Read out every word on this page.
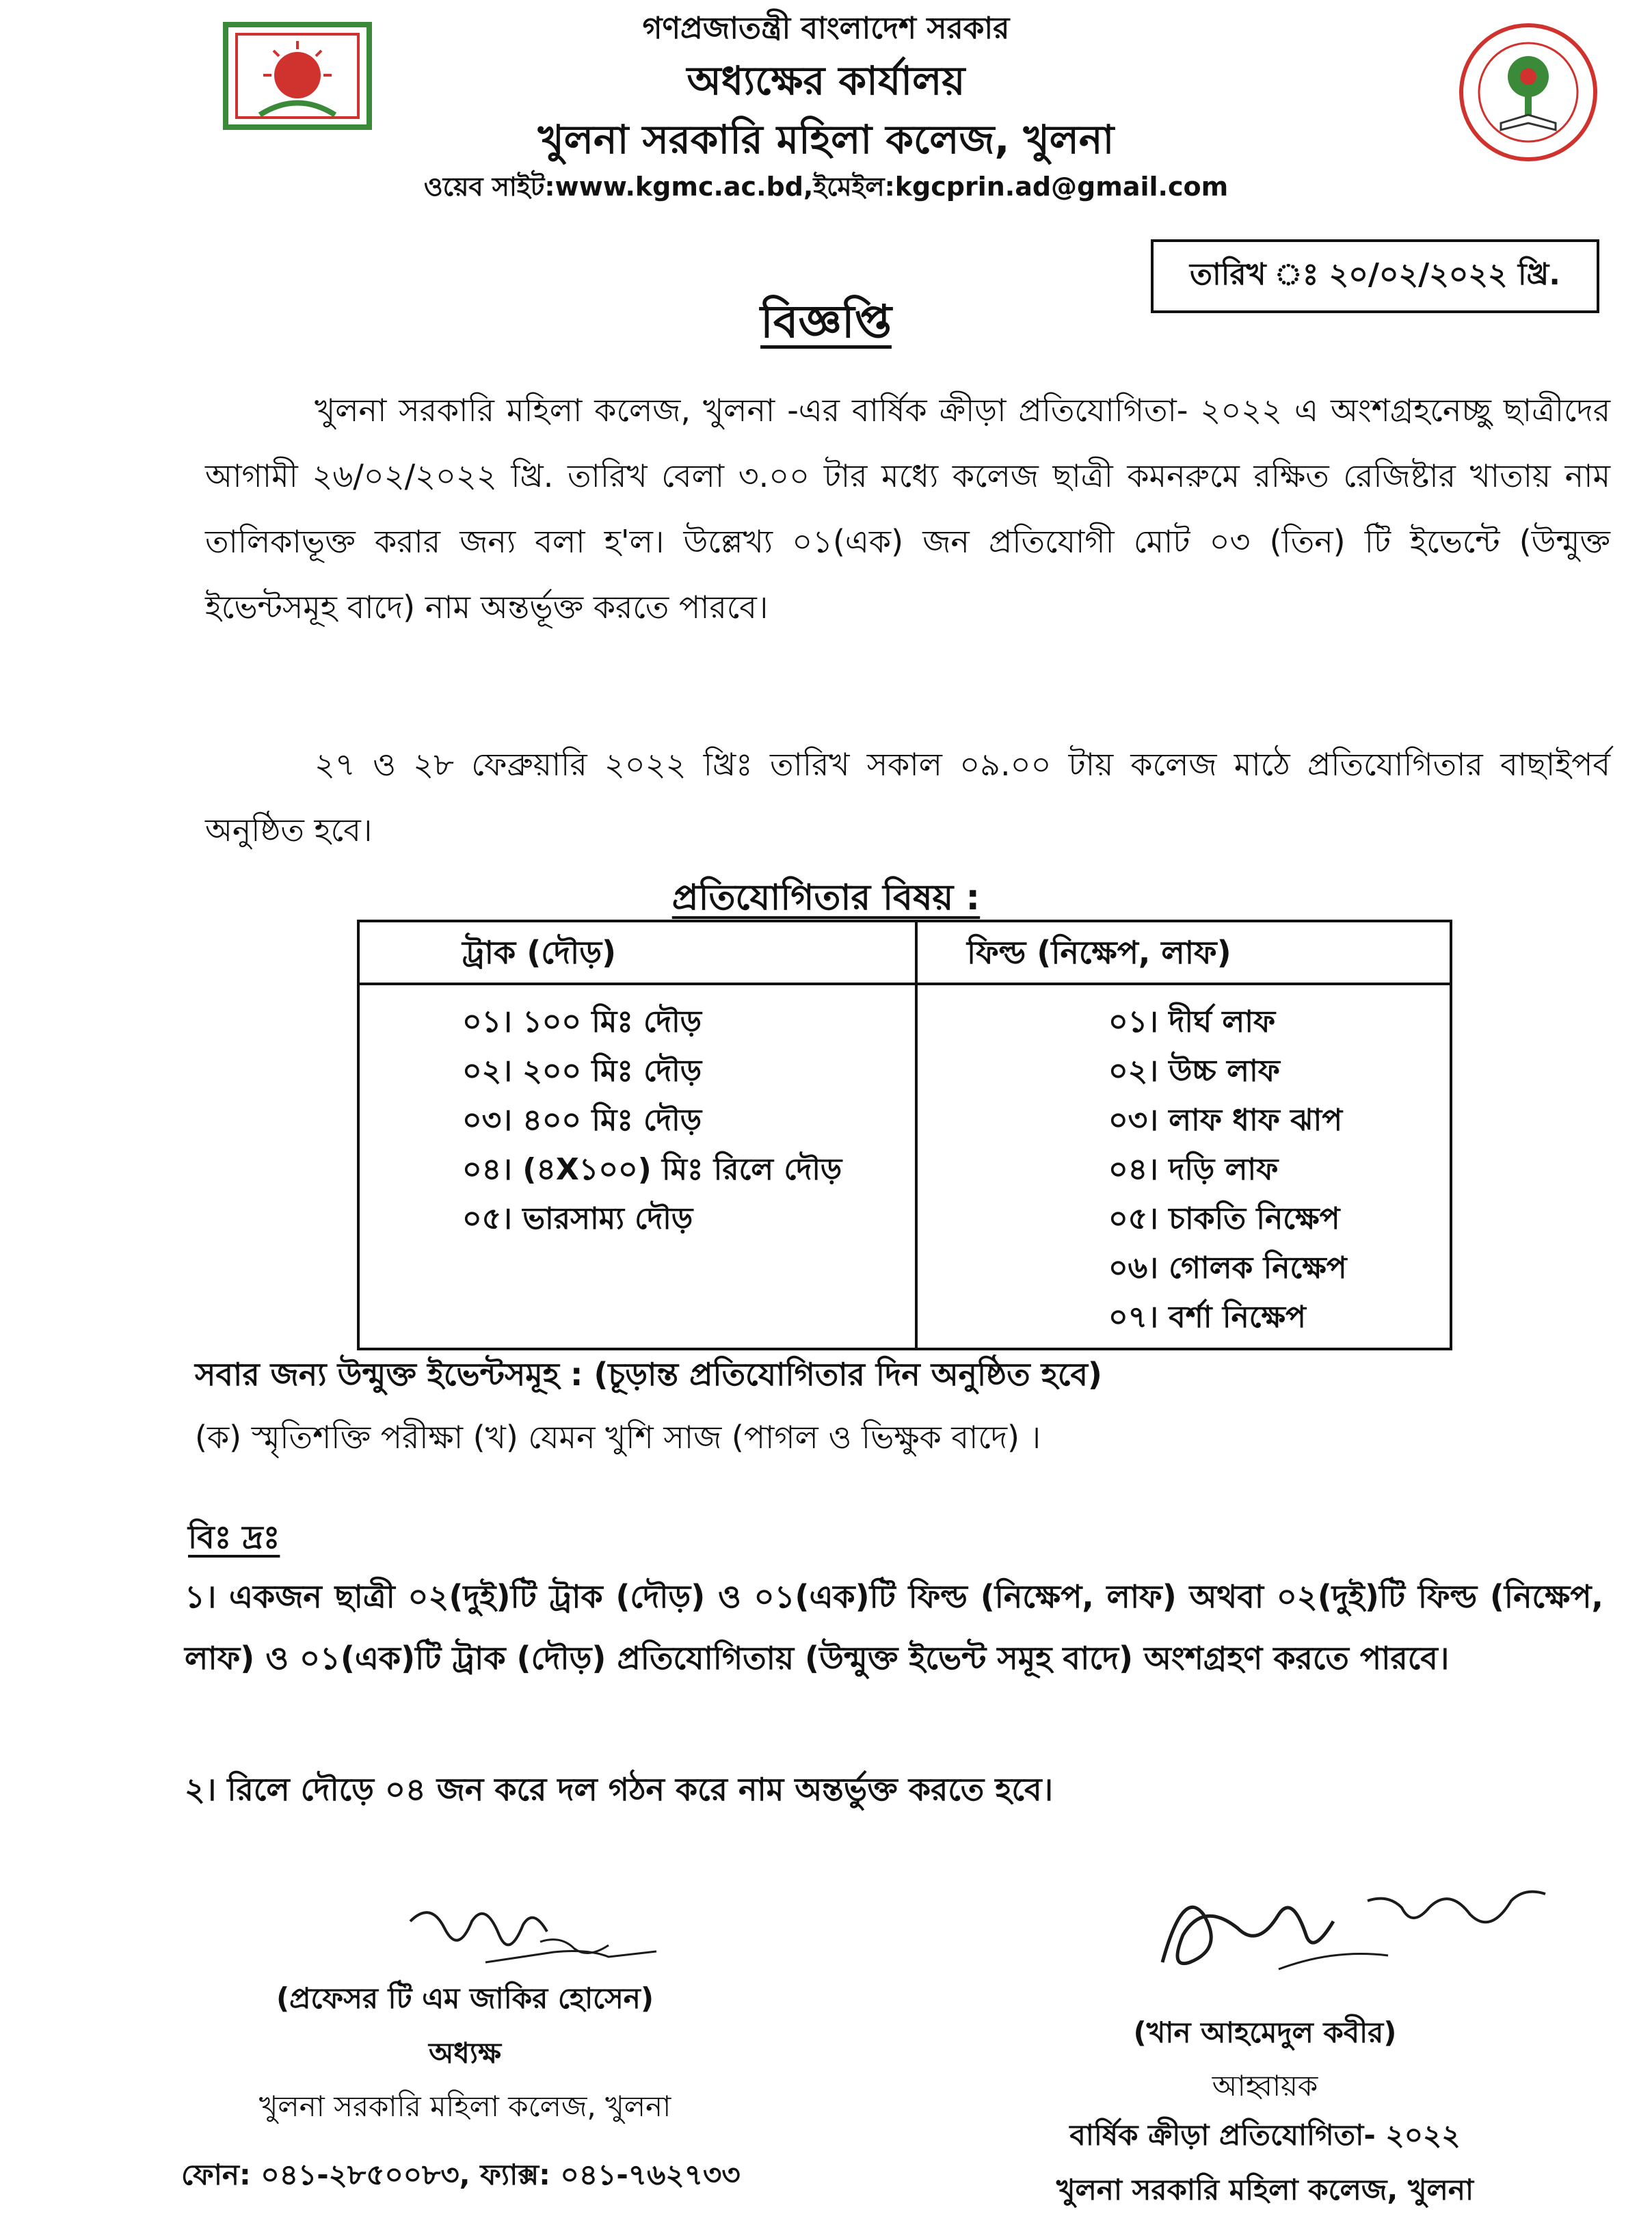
গণপ্রজাতন্ত্রী বাংলাদেশ সরকার
অধ্যক্ষের কার্যালয়
খুলনা সরকারি মহিলা কলেজ, খুলনা
ওয়েব সাইট:www.kgmc.ac.bd,ইমেইল:kgcprin.ad@gmail.com
তারিখ ঃ ২০/০২/২০২২ খ্রি.
বিজ্ঞপ্তি
খুলনা সরকারি মহিলা কলেজ, খুলনা -এর বার্ষিক ক্রীড়া প্রতিযোগিতা- ২০২২ এ অংশগ্রহনেচ্ছু ছাত্রীদের আগামী ২৬/০২/২০২২ খ্রি. তারিখ বেলা ৩.০০ টার মধ্যে কলেজ ছাত্রী কমনরুমে রক্ষিত রেজিষ্টার খাতায় নাম তালিকাভূক্ত করার জন্য বলা হ'ল। উল্লেখ্য ০১(এক) জন প্রতিযোগী মোট ০৩ (তিন) টি ইভেন্টে (উন্মুক্ত ইভেন্টসমূহ বাদে) নাম অন্তর্ভূক্ত করতে পারবে।
২৭ ও ২৮ ফেব্রুয়ারি ২০২২ খ্রিঃ তারিখ সকাল ০৯.০০ টায় কলেজ মাঠে প্রতিযোগিতার বাছাইপর্ব অনুষ্ঠিত হবে।
প্রতিযোগিতার বিষয় :
ট্রাক (দৌড়)	ফিল্ড (নিক্ষেপ, লাফ)
০১। ১০০ মিঃ দৌড়
০২। ২০০ মিঃ দৌড়
০৩। ৪০০ মিঃ দৌড়
০৪। (৪X১০০) মিঃ রিলে দৌড়
০৫। ভারসাম্য দৌড়
০১। দীর্ঘ লাফ
০২। উচ্চ লাফ
০৩। লাফ ধাফ ঝাপ
০৪। দড়ি লাফ
০৫। চাকতি নিক্ষেপ
০৬। গোলক নিক্ষেপ
০৭। বর্শা নিক্ষেপ
সবার জন্য উন্মুক্ত ইভেন্টসমূহ : (চূড়ান্ত প্রতিযোগিতার দিন অনুষ্ঠিত হবে)
(ক) স্মৃতিশক্তি পরীক্ষা (খ) যেমন খুশি সাজ (পাগল ও ভিক্ষুক বাদে) ।
বিঃ দ্রঃ
১। একজন ছাত্রী ০২(দুই)টি ট্রাক (দৌড়) ও ০১(এক)টি ফিল্ড (নিক্ষেপ, লাফ) অথবা ০২(দুই)টি ফিল্ড (নিক্ষেপ, লাফ) ও ০১(এক)টি ট্রাক (দৌড়) প্রতিযোগিতায় (উন্মুক্ত ইভেন্ট সমূহ বাদে) অংশগ্রহণ করতে পারবে।
২। রিলে দৌড়ে ০৪ জন করে দল গঠন করে নাম অন্তর্ভুক্ত করতে হবে।
(প্রফেসর টি এম জাকির হোসেন)
অধ্যক্ষ
খুলনা সরকারি মহিলা কলেজ, খুলনা
ফোন: ০৪১-২৮৫০০৮৩, ফ্যাক্স: ০৪১-৭৬২৭৩৩
(খান আহমেদুল কবীর)
আহ্বায়ক
বার্ষিক ক্রীড়া প্রতিযোগিতা- ২০২২
খুলনা সরকারি মহিলা কলেজ, খুলনা
